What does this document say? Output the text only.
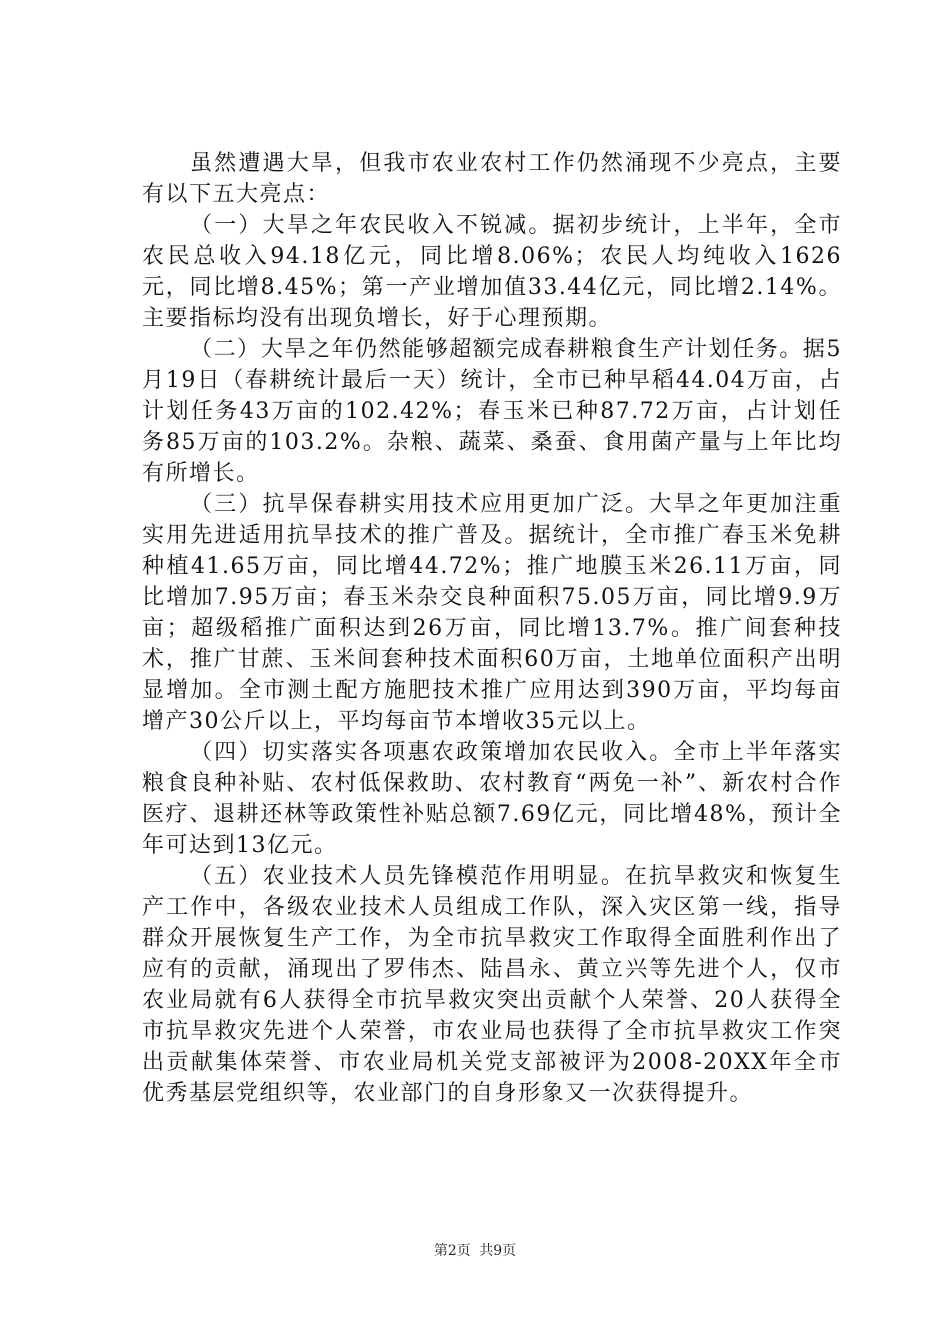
虽然遭遇大旱，但我市农业农村工作仍然涌现不少亮点，主要有以下五大亮点：

（一）大旱之年农民收入不锐减。据初步统计，上半年，全市农民总收入94.18亿元，同比增8.06%；农民人均纯收入1626元，同比增8.45%；第一产业增加值33.44亿元，同比增2.14%。主要指标均没有出现负增长，好于心理预期。

（二）大旱之年仍然能够超额完成春耕粮食生产计划任务。据5月19日（春耕统计最后一天）统计，全市已种早稻44.04万亩，占计划任务43万亩的102.42%；春玉米已种87.72万亩，占计划任务85万亩的103.2%。杂粮、蔬菜、桑蚕、食用菌产量与上年比均有所增长。

（三）抗旱保春耕实用技术应用更加广泛。大旱之年更加注重实用先进适用抗旱技术的推广普及。据统计，全市推广春玉米免耕种植41.65万亩，同比增44.72%；推广地膜玉米26.11万亩，同比增加7.95万亩；春玉米杂交良种面积75.05万亩，同比增9.9万亩；超级稻推广面积达到26万亩，同比增13.7%。推广间套种技术，推广甘蔗、玉米间套种技术面积60万亩，土地单位面积产出明显增加。全市测土配方施肥技术推广应用达到390万亩，平均每亩增产30公斤以上，平均每亩节本增收35元以上。

（四）切实落实各项惠农政策增加农民收入。全市上半年落实粮食良种补贴、农村低保救助、农村教育“两免一补”、新农村合作医疗、退耕还林等政策性补贴总额7.69亿元，同比增48%，预计全年可达到13亿元。

（五）农业技术人员先锋模范作用明显。在抗旱救灾和恢复生产工作中，各级农业技术人员组成工作队，深入灾区第一线，指导群众开展恢复生产工作，为全市抗旱救灾工作取得全面胜利作出了应有的贡献，涌现出了罗伟杰、陆昌永、黄立兴等先进个人，仅市农业局就有6人获得全市抗旱救灾突出贡献个人荣誉、20人获得全市抗旱救灾先进个人荣誉，市农业局也获得了全市抗旱救灾工作突出贡献集体荣誉、市农业局机关党支部被评为2008-20XX年全市优秀基层党组织等，农业部门的自身形象又一次获得提升。

第2页 共9页
